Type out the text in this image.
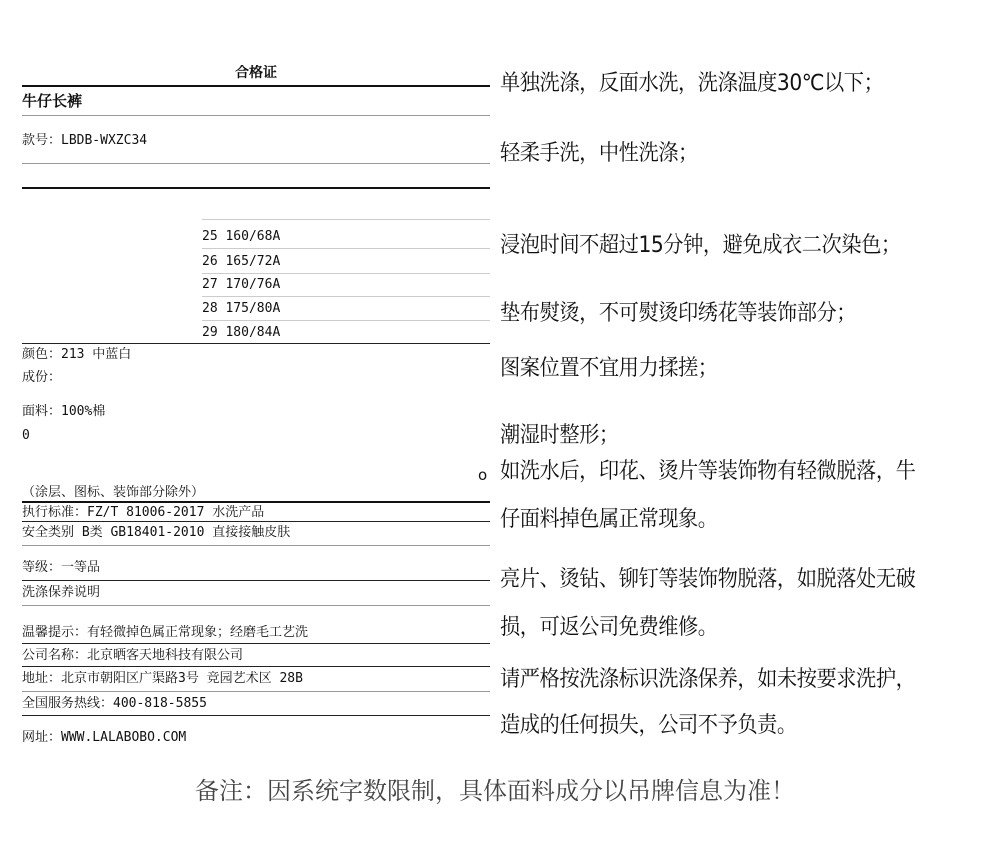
合格证
牛仔长裤
款号：LBDB-WXZC34
25 160/68A
26 165/72A
27 170/76A
28 175/80A
29 180/84A
颜色：213 中蓝白
成份：
面料：100%棉
0
（涂层、图标、装饰部分除外）
执行标准：FZ/T 81006-2017 水洗产品
安全类别 B类 GB18401-2010 直接接触皮肤
等级：一等品
洗涤保养说明
温馨提示：有轻微掉色属正常现象；经磨毛工艺洗
公司名称：北京晒客天地科技有限公司
地址：北京市朝阳区广渠路3号 竞园艺术区 28B
全国服务热线：400-818-5855
网址：WWW.LALABOBO.COM
o
单独洗涤，反面水洗，洗涤温度30℃以下；
轻柔手洗，中性洗涤；
浸泡时间不超过15分钟，避免成衣二次染色；
垫布熨烫，不可熨烫印绣花等装饰部分；
图案位置不宜用力揉搓；
潮湿时整形；
如洗水后，印花、烫片等装饰物有轻微脱落，牛
仔面料掉色属正常现象。
亮片、烫钻、铆钉等装饰物脱落，如脱落处无破
损，可返公司免费维修。
请严格按洗涤标识洗涤保养，如未按要求洗护，
造成的任何损失，公司不予负责。
备注：因系统字数限制，具体面料成分以吊牌信息为准！
